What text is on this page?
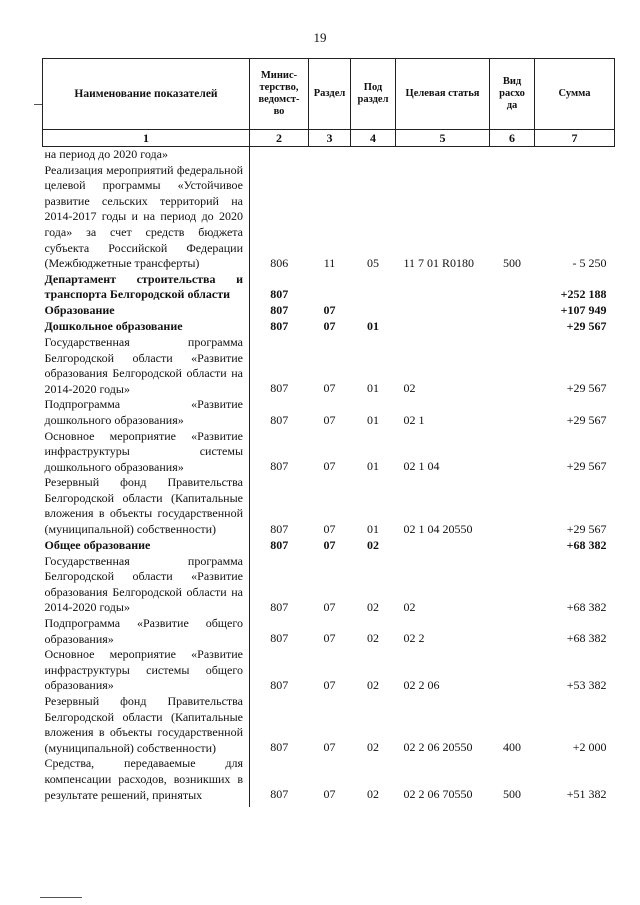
19
Наименование показателей	Минис-
терство,
ведомст-
во	Раздел	Под
раздел	Целевая статья	Вид
расхо
да	Сумма
1	2	3	4	5	6	7
на период до 2020 года»						
Реализация мероприятий федеральной целевой программы «Устойчивое развитие сельских территорий на 2014-2017 годы и на период до 2020 года» за счет средств бюджета субъекта Российской Федерации (Межбюджетные трансферты)	806	11	05	11 7 01 R0180	500	- 5 250
Департамент строительства и транспорта Белгородской области	807					+252 188
Образование	807	07				+107 949
Дошкольное образование	807	07	01			+29 567
Государственная программа Белгородской области «Развитие образования Белгородской области на 2014-2020 годы»	807	07	01	02		+29 567
Подпрограмма «Развитие дошкольного образования»	807	07	01	02 1		+29 567
Основное мероприятие «Развитие инфраструктуры системы дошкольного образования»	807	07	01	02 1 04		+29 567
Резервный фонд Правительства Белгородской области (Капитальные вложения в объекты государственной (муниципальной) собственности)	807	07	01	02 1 04 20550		+29 567
Общее образование	807	07	02			+68 382
Государственная программа Белгородской области «Развитие образования Белгородской области на 2014-2020 годы»	807	07	02	02		+68 382
Подпрограмма «Развитие общего образования»	807	07	02	02 2		+68 382
Основное мероприятие «Развитие инфраструктуры системы общего образования»	807	07	02	02 2 06		+53 382
Резервный фонд Правительства Белгородской области (Капитальные вложения в объекты государственной (муниципальной) собственности)	807	07	02	02 2 06 20550	400	+2 000
Средства, передаваемые для компенсации расходов, возникших в результате решений, принятых	807	07	02	02 2 06 70550	500	+51 382
